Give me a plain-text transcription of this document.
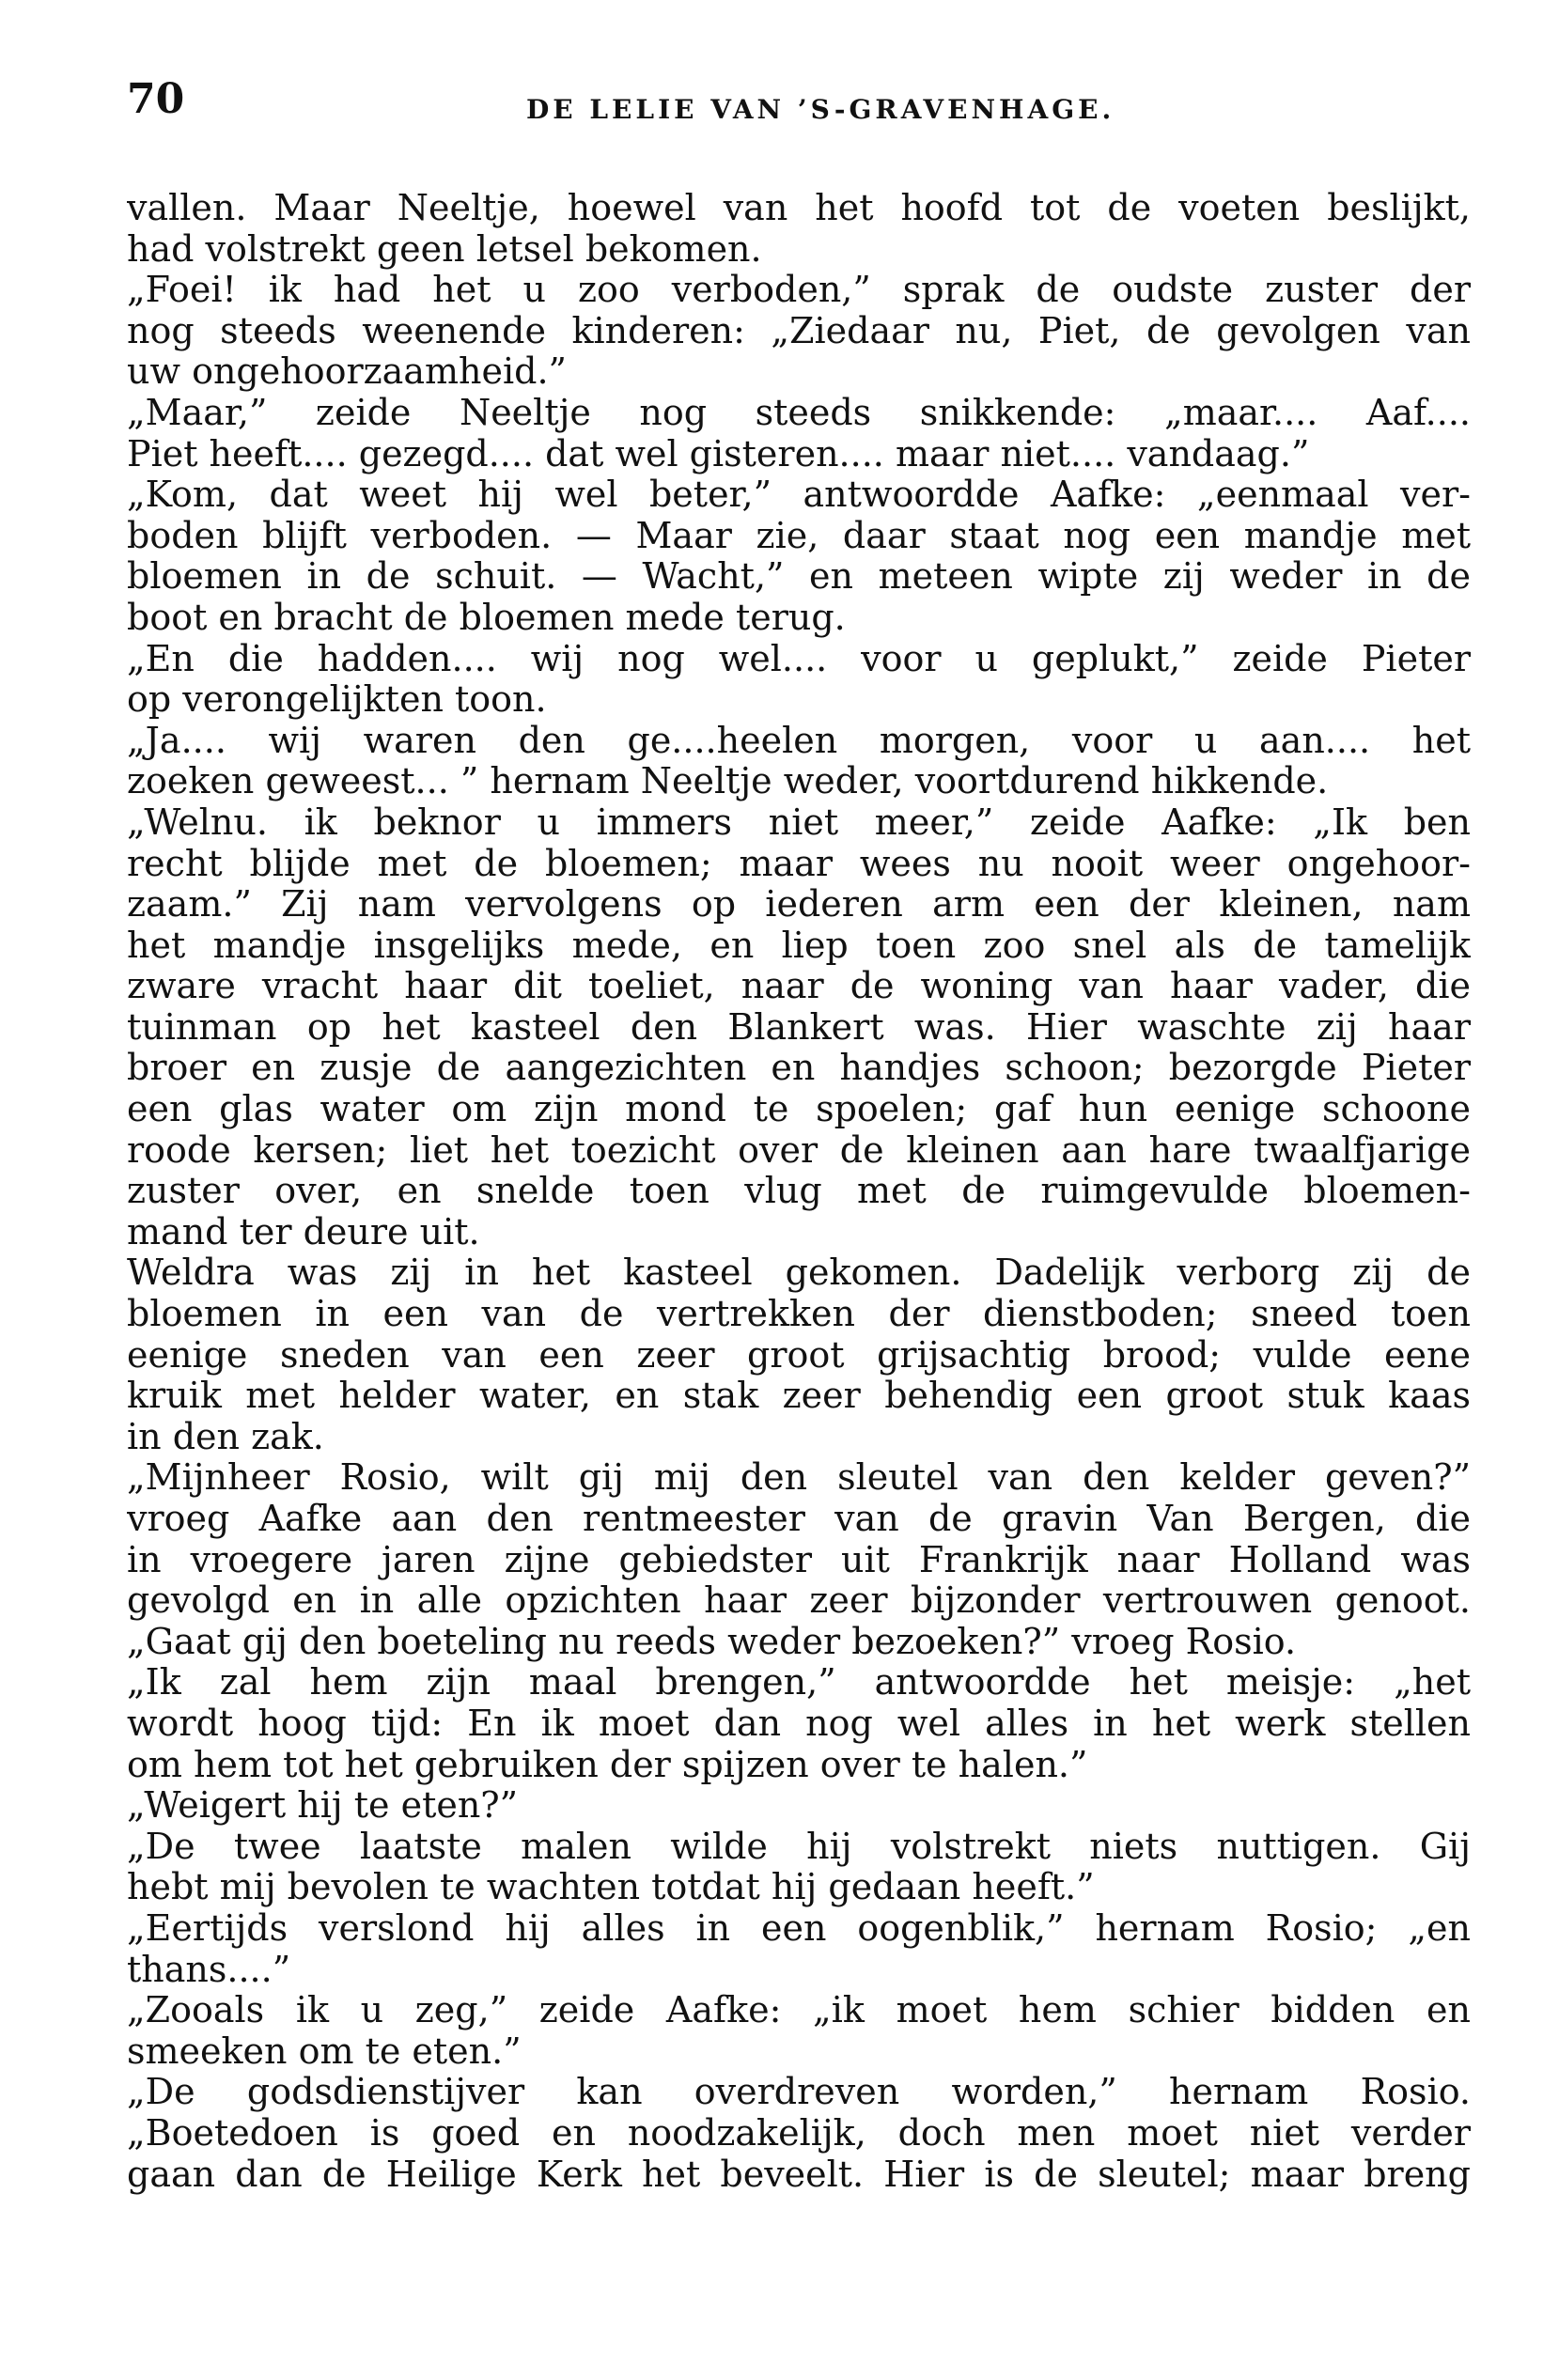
70	DE LELIE VAN ’S-GRAVENHAGE.
vallen. Maar Neeltje, hoewel van het hoofd tot de voeten beslijkt,
had volstrekt geen letsel bekomen.
„Foei! ik had het u zoo verboden,” sprak de oudste zuster der
nog steeds weenende kinderen: „Ziedaar nu, Piet, de gevolgen van
uw ongehoorzaamheid.”
„Maar,” zeide Neeltje nog steeds snikkende: „maar.... Aaf....
Piet heeft.... gezegd.... dat wel gisteren.... maar niet.... vandaag.”
„Kom, dat weet hij wel beter,” antwoordde Aafke: „eenmaal ver-
boden blijft verboden. — Maar zie, daar staat nog een mandje met
bloemen in de schuit. — Wacht,” en meteen wipte zij weder in de
boot en bracht de bloemen mede terug.
„En die hadden.... wij nog wel.... voor u geplukt,” zeide Pieter
op verongelijkten toon.
„Ja.... wij waren den ge....heelen morgen, voor u aan.... het
zoeken geweest... ” hernam Neeltje weder, voortdurend hikkende.
„Welnu. ik beknor u immers niet meer,” zeide Aafke: „Ik ben
recht blijde met de bloemen; maar wees nu nooit weer ongehoor-
zaam.” Zij nam vervolgens op iederen arm een der kleinen, nam
het mandje insgelijks mede, en liep toen zoo snel als de tamelijk
zware vracht haar dit toeliet, naar de woning van haar vader, die
tuinman op het kasteel den Blankert was. Hier waschte zij haar
broer en zusje de aangezichten en handjes schoon; bezorgde Pieter
een glas water om zijn mond te spoelen; gaf hun eenige schoone
roode kersen; liet het toezicht over de kleinen aan hare twaalfjarige
zuster over, en snelde toen vlug met de ruimgevulde bloemen-
mand ter deure uit.
Weldra was zij in het kasteel gekomen. Dadelijk verborg zij de
bloemen in een van de vertrekken der dienstboden; sneed toen
eenige sneden van een zeer groot grijsachtig brood; vulde eene
kruik met helder water, en stak zeer behendig een groot stuk kaas
in den zak.
„Mijnheer Rosio, wilt gij mij den sleutel van den kelder geven?”
vroeg Aafke aan den rentmeester van de gravin Van Bergen, die
in vroegere jaren zijne gebiedster uit Frankrijk naar Holland was
gevolgd en in alle opzichten haar zeer bijzonder vertrouwen genoot.
„Gaat gij den boeteling nu reeds weder bezoeken?” vroeg Rosio.
„Ik zal hem zijn maal brengen,” antwoordde het meisje: „het
wordt hoog tijd: En ik moet dan nog wel alles in het werk stellen
om hem tot het gebruiken der spijzen over te halen.”
„Weigert hij te eten?”
„De twee laatste malen wilde hij volstrekt niets nuttigen. Gij
hebt mij bevolen te wachten totdat hij gedaan heeft.”
„Eertijds verslond hij alles in een oogenblik,” hernam Rosio; „en
thans....”
„Zooals ik u zeg,” zeide Aafke: „ik moet hem schier bidden en
smeeken om te eten.”
„De godsdienstijver kan overdreven worden,” hernam Rosio.
„Boetedoen is goed en noodzakelijk, doch men moet niet verder
gaan dan de Heilige Kerk het beveelt. Hier is de sleutel; maar breng
